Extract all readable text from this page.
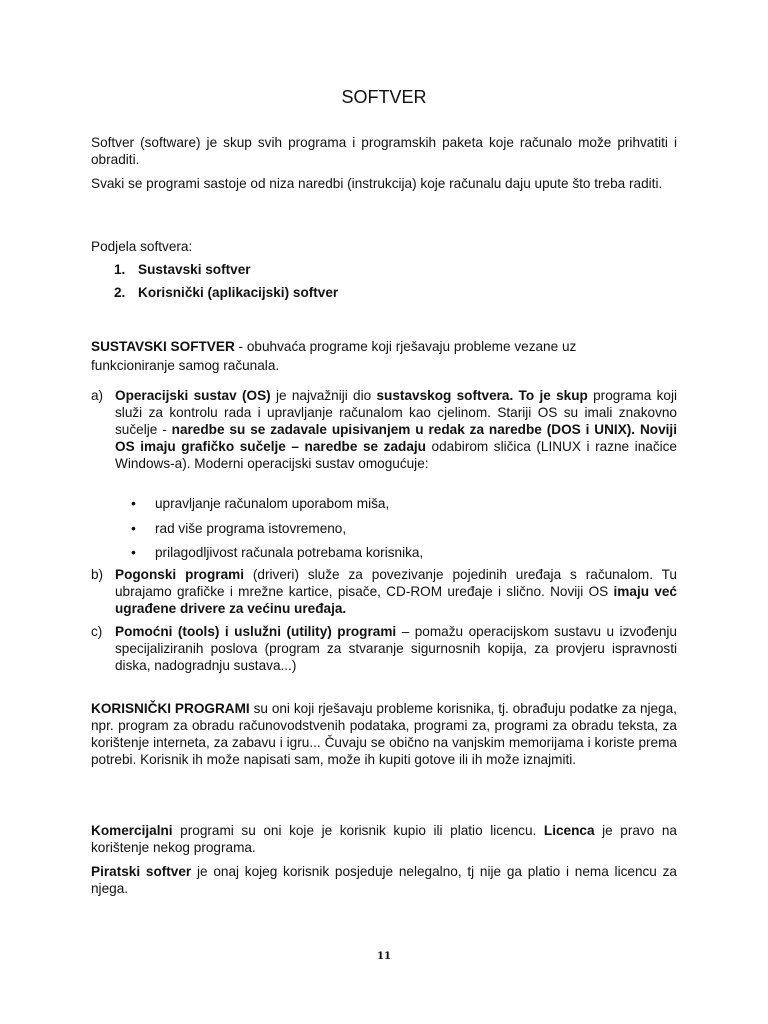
SOFTVER

Softver (software) je skup svih programa i programskih paketa koje računalo može prihvatiti i obraditi.

Svaki se programi sastoje od niza naredbi (instrukcija) koje računalu daju upute što treba raditi.
Podjela softvera:
1. Sustavski softver
2. Korisnički (aplikacijski) softver
SUSTAVSKI SOFTVER - obuhvaća programe koji rješavaju probleme vezane uz funkcioniranje samog računala.
a) Operacijski sustav (OS) je najvažniji dio sustavskog softvera. To je skup programa koji služi za kontrolu rada i upravljanje računalom kao cjelinom. Stariji OS su imali znakovno sučelje - naredbe su se zadavale upisivanjem u redak za naredbe (DOS i UNIX). Noviji OS imaju grafičko sučelje – naredbe se zadaju odabirom sličica (LINUX i razne inačice Windows-a). Moderni operacijski sustav omogućuje:
•	upravljanje računalom uporabom miša,
•	rad više programa istovremeno,
•	prilagodljivost računala potrebama korisnika,
b) Pogonski programi (driveri) služe za povezivanje pojedinih uređaja s računalom. Tu ubrajamo grafičke i mrežne kartice, pisače, CD-ROM uređaje i slično. Noviji OS imaju već ugrađene drivere za većinu uređaja.
c) Pomoćni (tools) i uslužni (utility) programi – pomažu operacijskom sustavu u izvođenju specijaliziranih poslova (program za stvaranje sigurnosnih kopija, za provjeru ispravnosti diska, nadogradnju sustava...)
KORISNIČKI PROGRAMI su oni koji rješavaju probleme korisnika, tj. obrađuju podatke za njega, npr. program za obradu računovodstvenih podataka, programi za, programi za obradu teksta, za korištenje interneta, za zabavu i igru... Čuvaju se obično na vanjskim memorijama i koriste prema potrebi. Korisnik ih može napisati sam, može ih kupiti gotove ili ih može iznajmiti.
Komercijalni programi su oni koje je korisnik kupio ili platio licencu. Licenca je pravo na korištenje nekog programa.
Piratski softver je onaj kojeg korisnik posjeduje nelegalno, tj nije ga platio i nema licencu za njega.
11
